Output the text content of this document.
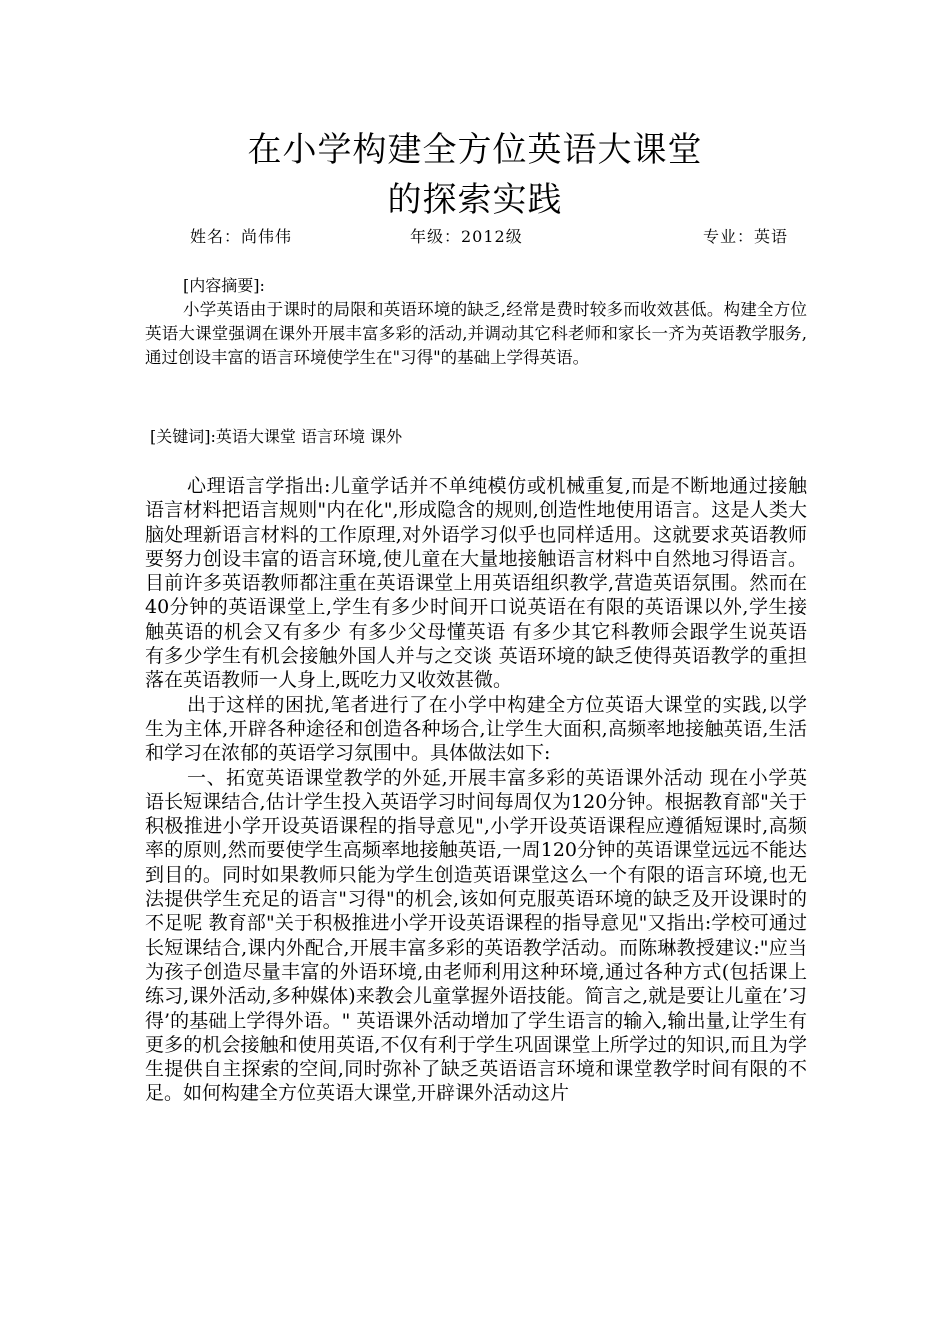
在小学构建全方位英语大课堂
的探索实践
姓名：尚伟伟	年级：2012级	专业：英语
[内容摘要]:

小学英语由于课时的局限和英语环境的缺乏,经常是费时较多而收效甚低。构建全方位英语大课堂强调在课外开展丰富多彩的活动,并调动其它科老师和家长一齐为英语教学服务,通过创设丰富的语言环境使学生在"习得"的基础上学得英语。

[关键词]:英语大课堂 语言环境 课外

心理语言学指出:儿童学话并不单纯模仿或机械重复,而是不断地通过接触语言材料把语言规则"内在化",形成隐含的规则,创造性地使用语言。这是人类大脑处理新语言材料的工作原理,对外语学习似乎也同样适用。这就要求英语教师要努力创设丰富的语言环境,使儿童在大量地接触语言材料中自然地习得语言。目前许多英语教师都注重在英语课堂上用英语组织教学,营造英语氛围。然而在40分钟的英语课堂上,学生有多少时间开口说英语在有限的英语课以外,学生接触英语的机会又有多少 有多少父母懂英语 有多少其它科教师会跟学生说英语 有多少学生有机会接触外国人并与之交谈 英语环境的缺乏使得英语教学的重担落在英语教师一人身上,既吃力又收效甚微。

出于这样的困扰,笔者进行了在小学中构建全方位英语大课堂的实践,以学生为主体,开辟各种途径和创造各种场合,让学生大面积,高频率地接触英语,生活和学习在浓郁的英语学习氛围中。具体做法如下:

一、拓宽英语课堂教学的外延,开展丰富多彩的英语课外活动 现在小学英语长短课结合,估计学生投入英语学习时间每周仅为120分钟。根据教育部"关于积极推进小学开设英语课程的指导意见",小学开设英语课程应遵循短课时,高频率的原则,然而要使学生高频率地接触英语,一周120分钟的英语课堂远远不能达到目的。同时如果教师只能为学生创造英语课堂这么一个有限的语言环境,也无法提供学生充足的语言"习得"的机会,该如何克服英语环境的缺乏及开设课时的不足呢 教育部"关于积极推进小学开设英语课程的指导意见"又指出:学校可通过长短课结合,课内外配合,开展丰富多彩的英语教学活动。而陈琳教授建议:"应当为孩子创造尽量丰富的外语环境,由老师利用这种环境,通过各种方式(包括课上练习,课外活动,多种媒体)来教会儿童掌握外语技能。简言之,就是要让儿童在’习得’的基础上学得外语。" 英语课外活动增加了学生语言的输入,输出量,让学生有更多的机会接触和使用英语,不仅有利于学生巩固课堂上所学过的知识,而且为学生提供自主探索的空间,同时弥补了缺乏英语语言环境和课堂教学时间有限的不足。如何构建全方位英语大课堂,开辟课外活动这片
